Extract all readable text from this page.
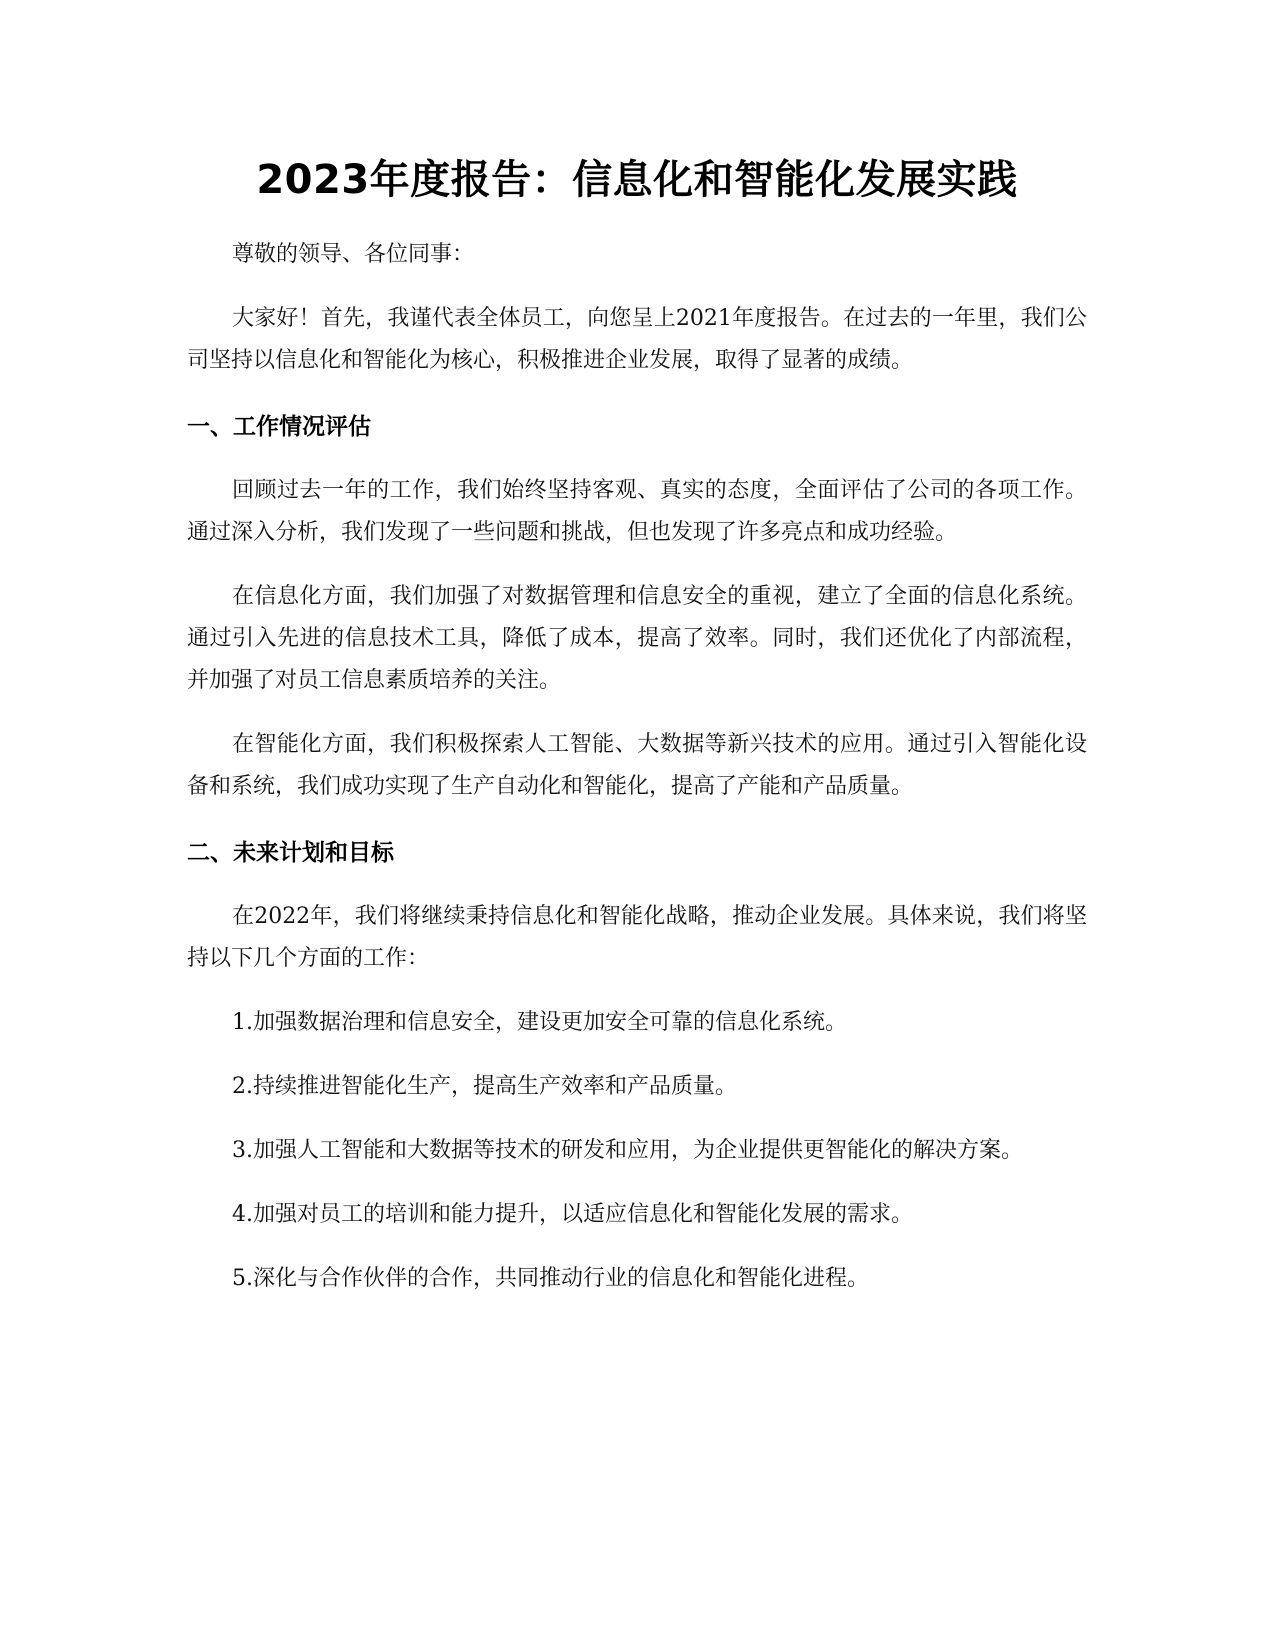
2023年度报告：信息化和智能化发展实践

尊敬的领导、各位同事：

大家好！首先，我谨代表全体员工，向您呈上2021年度报告。在过去的一年里，我们公司坚持以信息化和智能化为核心，积极推进企业发展，取得了显著的成绩。

一、工作情况评估

回顾过去一年的工作，我们始终坚持客观、真实的态度，全面评估了公司的各项工作。通过深入分析，我们发现了一些问题和挑战，但也发现了许多亮点和成功经验。

在信息化方面，我们加强了对数据管理和信息安全的重视，建立了全面的信息化系统。通过引入先进的信息技术工具，降低了成本，提高了效率。同时，我们还优化了内部流程，并加强了对员工信息素质培养的关注。

在智能化方面，我们积极探索人工智能、大数据等新兴技术的应用。通过引入智能化设备和系统，我们成功实现了生产自动化和智能化，提高了产能和产品质量。

二、未来计划和目标

在2022年，我们将继续秉持信息化和智能化战略，推动企业发展。具体来说，我们将坚持以下几个方面的工作：

1.加强数据治理和信息安全，建设更加安全可靠的信息化系统。

2.持续推进智能化生产，提高生产效率和产品质量。

3.加强人工智能和大数据等技术的研发和应用，为企业提供更智能化的解决方案。

4.加强对员工的培训和能力提升，以适应信息化和智能化发展的需求。

5.深化与合作伙伴的合作，共同推动行业的信息化和智能化进程。
